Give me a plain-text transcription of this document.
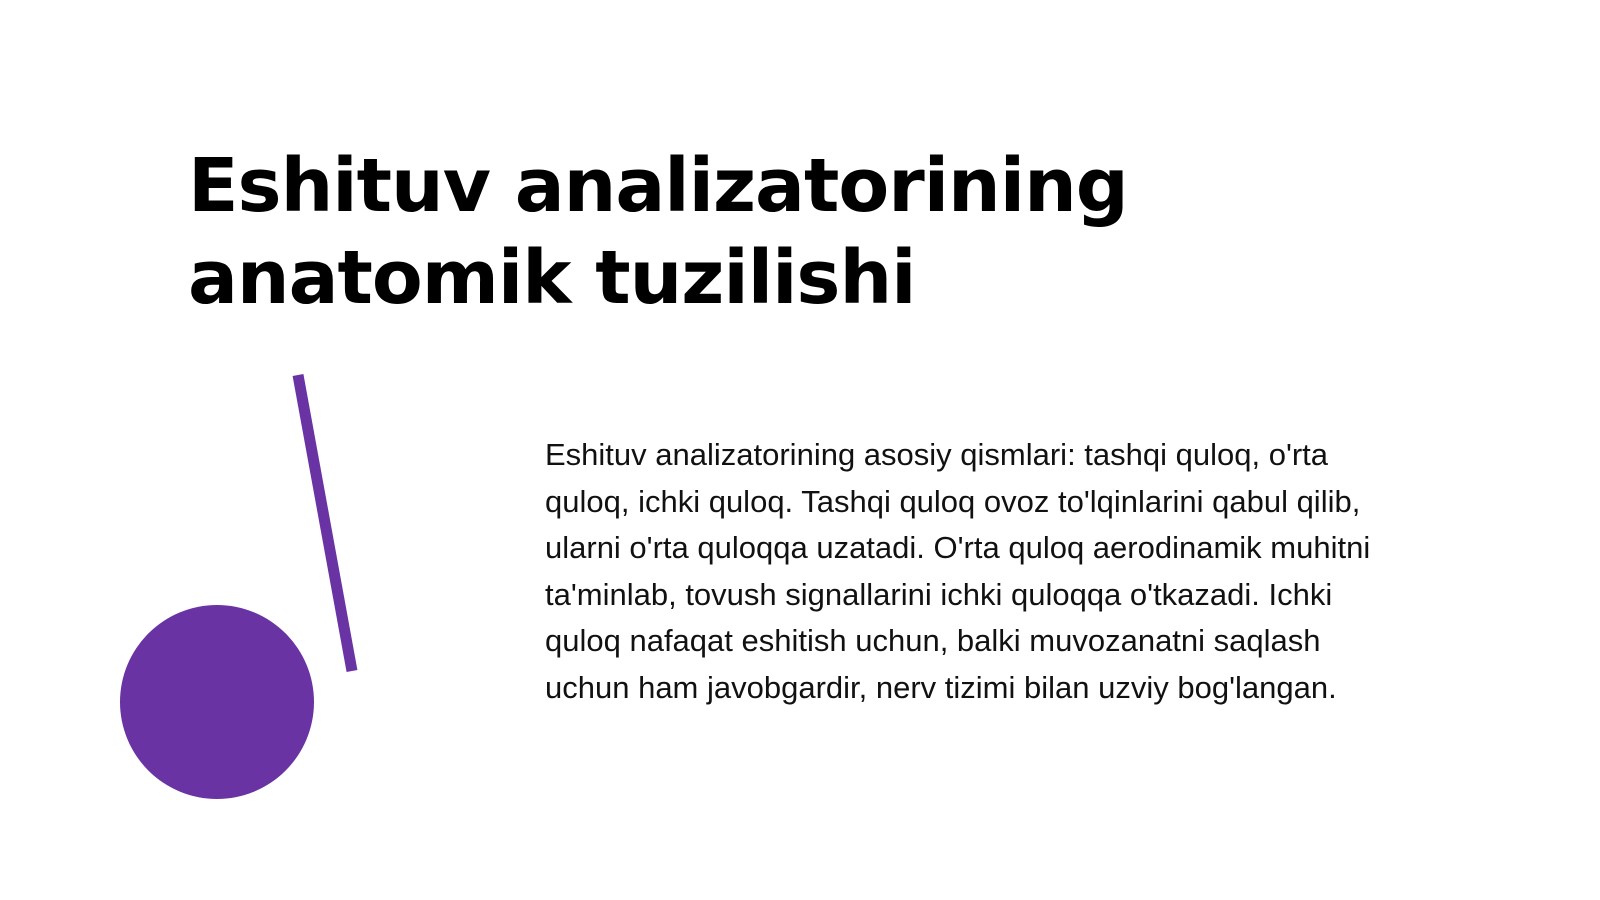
Eshituv analizatorining anatomik tuzilishi

Eshituv analizatorining asosiy qismlari: tashqi quloq, o'rta quloq, ichki quloq. Tashqi quloq ovoz to'lqinlarini qabul qilib, ularni o'rta quloqqa uzatadi. O'rta quloq aerodinamik muhitni ta'minlab, tovush signallarini ichki quloqqa o'tkazadi. Ichki quloq nafaqat eshitish uchun, balki muvozanatni saqlash uchun ham javobgardir, nerv tizimi bilan uzviy bog'langan.
